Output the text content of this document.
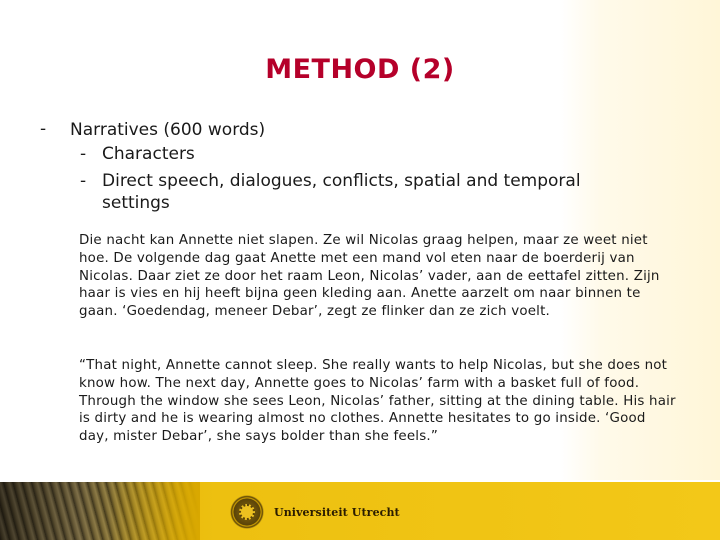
METHOD (2)
- Narratives (600 words)
- Characters
- Direct speech, dialogues, conflicts, spatial and temporal
settings

Die nacht kan Annette niet slapen. Ze wil Nicolas graag helpen, maar ze weet niet hoe. De volgende dag gaat Anette met een mand vol eten naar de boerderij van Nicolas. Daar ziet ze door het raam Leon, Nicolas’ vader, aan de eettafel zitten. Zijn haar is vies en hij heeft bijna geen kleding aan. Anette aarzelt om naar binnen te gaan. ‘Goedendag, meneer Debar’, zegt ze flinker dan ze zich voelt.

“That night, Annette cannot sleep. She really wants to help Nicolas, but she does not know how. The next day, Annette goes to Nicolas’ farm with a basket full of food. Through the window she sees Leon, Nicolas’ father, sitting at the dining table. His hair is dirty and he is wearing almost no clothes. Annette hesitates to go inside. ‘Good day, mister Debar’, she says bolder than she feels.”

Universiteit Utrecht
